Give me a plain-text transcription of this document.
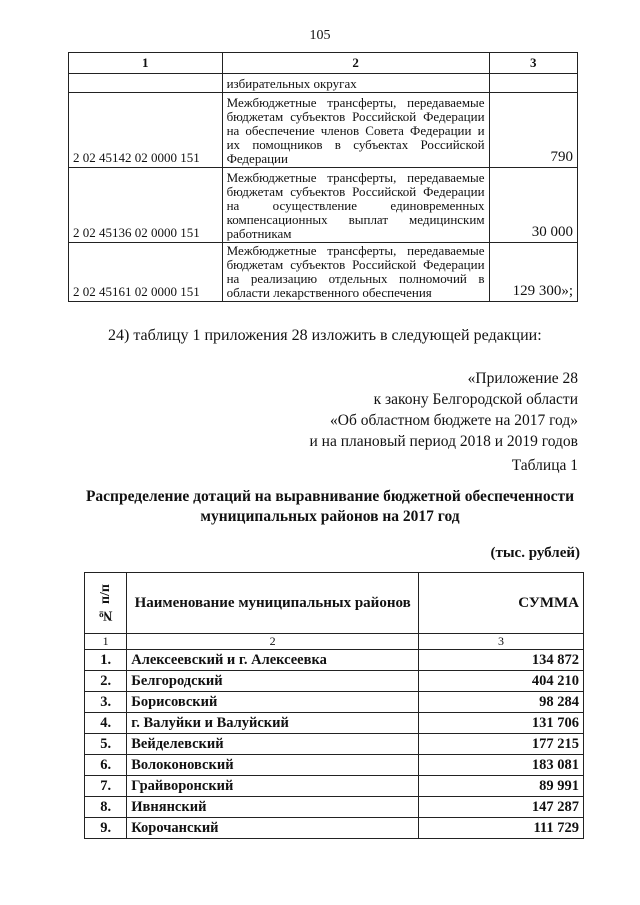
105
1	2	3
	избирательных округах	
2 02 45142 02 0000 151	Межбюджетные трансферты, передаваемые бюджетам субъектов Российской Федерации на обеспечение членов Совета Федерации и их помощников в субъектах Российской Федерации	790
2 02 45136 02 0000 151	Межбюджетные трансферты, передаваемые бюджетам субъектов Российской Федерации на осуществление единовременных компенсационных выплат медицинским работникам	30 000
2 02 45161 02 0000 151	Межбюджетные трансферты, передаваемые бюджетам субъектов Российской Федерации на реализацию отдельных полномочий в области лекарственного обеспечения	129 300»;
24) таблицу 1 приложения 28 изложить в следующей редакции:
«Приложение 28
к закону Белгородской области
«Об областном бюджете на 2017 год»
и на плановый период 2018 и 2019 годов
Таблица 1
Распределение дотаций на выравнивание бюджетной обеспеченности
муниципальных районов на 2017 год
(тыс. рублей)
№ п/п	Наименование муниципальных районов	СУММА
1	2	3
1.	Алексеевский и г. Алексеевка	134 872
2.	Белгородский	404 210
3.	Борисовский	98 284
4.	г. Валуйки и Валуйский	131 706
5.	Вейделевский	177 215
6.	Волоконовский	183 081
7.	Грайворонский	89 991
8.	Ивнянский	147 287
9.	Корочанский	111 729
